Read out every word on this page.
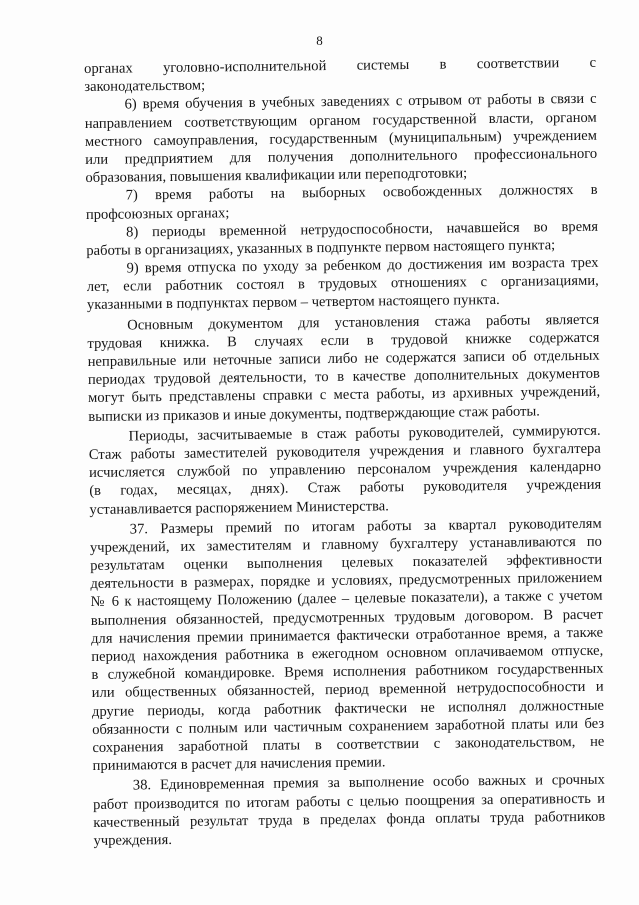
8
органах уголовно-исполнительной системы в соответствии с
законодательством;
6) время обучения в учебных заведениях с отрывом от работы в связи с
направлением соответствующим органом государственной власти, органом
местного самоуправления, государственным (муниципальным) учреждением
или предприятием для получения дополнительного профессионального
образования, повышения квалификации или переподготовки;
7) время работы на выборных освобожденных должностях в
профсоюзных органах;
8) периоды временной нетрудоспособности, начавшейся во время
работы в организациях, указанных в подпункте первом настоящего пункта;
9) время отпуска по уходу за ребенком до достижения им возраста трех
лет, если работник состоял в трудовых отношениях с организациями,
указанными в подпунктах первом – четвертом настоящего пункта.
Основным документом для установления стажа работы является
трудовая книжка. В случаях если в трудовой книжке содержатся
неправильные или неточные записи либо не содержатся записи об отдельных
периодах трудовой деятельности, то в качестве дополнительных документов
могут быть представлены справки с места работы, из архивных учреждений,
выписки из приказов и иные документы, подтверждающие стаж работы.
Периоды, засчитываемые в стаж работы руководителей, суммируются.
Стаж работы заместителей руководителя учреждения и главного бухгалтера
исчисляется службой по управлению персоналом учреждения календарно
(в годах, месяцах, днях). Стаж работы руководителя учреждения
устанавливается распоряжением Министерства.
37. Размеры премий по итогам работы за квартал руководителям
учреждений, их заместителям и главному бухгалтеру устанавливаются по
результатам оценки выполнения целевых показателей эффективности
деятельности в размерах, порядке и условиях, предусмотренных приложением
№ 6 к настоящему Положению (далее – целевые показатели), а также с учетом
выполнения обязанностей, предусмотренных трудовым договором. В расчет
для начисления премии принимается фактически отработанное время, а также
период нахождения работника в ежегодном основном оплачиваемом отпуске,
в служебной командировке. Время исполнения работником государственных
или общественных обязанностей, период временной нетрудоспособности и
другие периоды, когда работник фактически не исполнял должностные
обязанности с полным или частичным сохранением заработной платы или без
сохранения заработной платы в соответствии с законодательством, не
принимаются в расчет для начисления премии.
38. Единовременная премия за выполнение особо важных и срочных
работ производится по итогам работы с целью поощрения за оперативность и
качественный результат труда в пределах фонда оплаты труда работников
учреждения.
